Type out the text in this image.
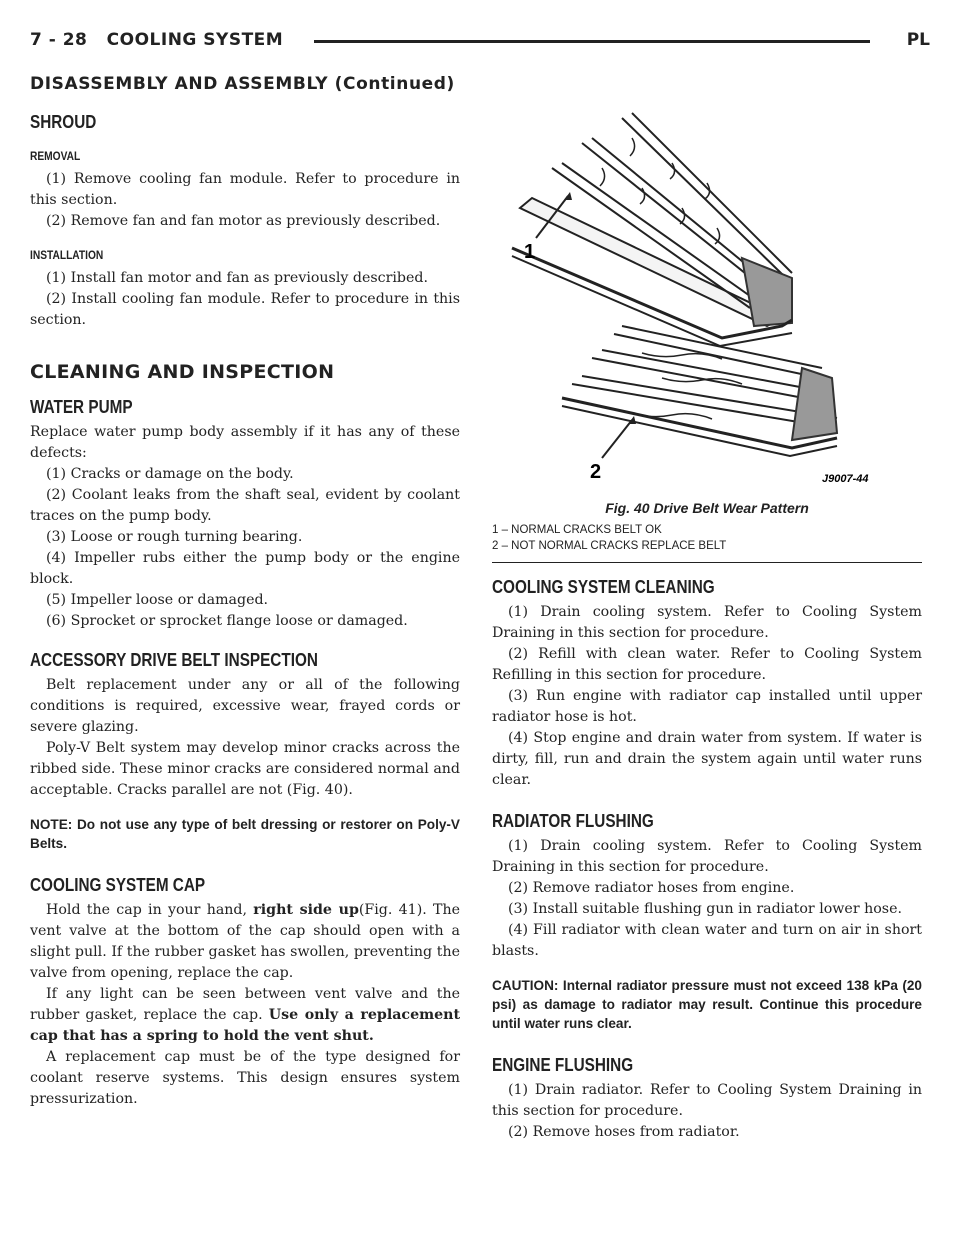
7 - 28 COOLING SYSTEM	PL
DISASSEMBLY AND ASSEMBLY (Continued)
SHROUD
REMOVAL

(1) Remove cooling fan module. Refer to procedure in this section.

(2) Remove fan and fan motor as previously described.

INSTALLATION

(1) Install fan motor and fan as previously described.

(2) Install cooling fan module. Refer to procedure in this section.

CLEANING AND INSPECTION
WATER PUMP

Replace water pump body assembly if it has any of these defects:

(1) Cracks or damage on the body.

(2) Coolant leaks from the shaft seal, evident by coolant traces on the pump body.

(3) Loose or rough turning bearing.

(4) Impeller rubs either the pump body or the engine block.

(5) Impeller loose or damaged.

(6) Sprocket or sprocket flange loose or damaged.

ACCESSORY DRIVE BELT INSPECTION

Belt replacement under any or all of the following conditions is required, excessive wear, frayed cords or severe glazing.

Poly-V Belt system may develop minor cracks across the ribbed side. These minor cracks are considered normal and acceptable. Cracks parallel are not (Fig. 40).

NOTE: Do not use any type of belt dressing or restorer on Poly-V Belts.

COOLING SYSTEM CAP

Hold the cap in your hand, right side up(Fig. 41). The vent valve at the bottom of the cap should open with a slight pull. If the rubber gasket has swollen, preventing the valve from opening, replace the cap.

If any light can be seen between vent valve and the rubber gasket, replace the cap. Use only a replacement cap that has a spring to hold the vent shut.

A replacement cap must be of the type designed for coolant reserve systems. This design ensures system pressurization.

1
2	J9007-44
Fig. 40 Drive Belt Wear Pattern
1 – NORMAL CRACKS BELT OK
2 – NOT NORMAL CRACKS REPLACE BELT
COOLING SYSTEM CLEANING

(1) Drain cooling system. Refer to Cooling System Draining in this section for procedure.

(2) Refill with clean water. Refer to Cooling System Refilling in this section for procedure.

(3) Run engine with radiator cap installed until upper radiator hose is hot.

(4) Stop engine and drain water from system. If water is dirty, fill, run and drain the system again until water runs clear.

RADIATOR FLUSHING

(1) Drain cooling system. Refer to Cooling System Draining in this section for procedure.

(2) Remove radiator hoses from engine.

(3) Install suitable flushing gun in radiator lower hose.

(4) Fill radiator with clean water and turn on air in short blasts.

CAUTION: Internal radiator pressure must not exceed 138 kPa (20 psi) as damage to radiator may result. Continue this procedure until water runs clear.

ENGINE FLUSHING

(1) Drain radiator. Refer to Cooling System Draining in this section for procedure.

(2) Remove hoses from radiator.
